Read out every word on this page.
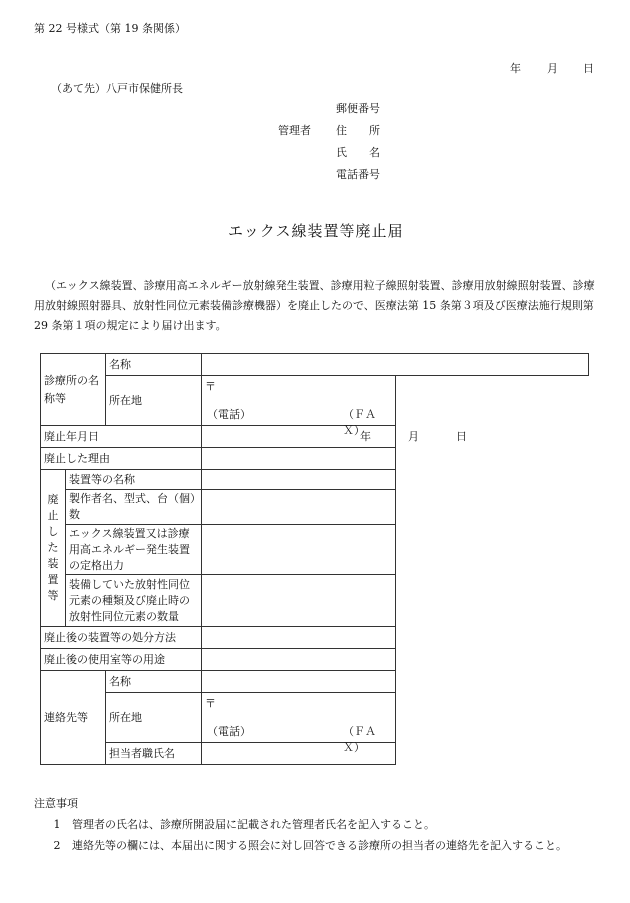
第 22 号様式（第 19 条関係）
年 月 日
（あて先）八戸市保健所長
郵便番号
管理者 住　　所
氏　　名
電話番号
エックス線装置等廃止届
（エックス線装置、診療用高エネルギー放射線発生装置、診療用粒子線照射装置、診療用放射線照射装置、診療用放射線照射器具、放射性同位元素装備診療機器）を廃止したので、医療法第 15 条第３項及び医療法施行規則第 29 条第１項の規定により届け出ます。
診療所の名称等		名称	
		所在地	〒
（電話） （ＦＡＸ）

廃止年月日			年 月 日

廃止した理由			
廃止した装置等	装置等の名称		
	製作者名、型式、台（個）数		
	エックス線装置又は診療用高エネルギー発生装置の定格出力		
	装備していた放射性同位元素の種類及び廃止時の放射性同位元素の数量		
廃止後の装置等の処分方法			
廃止後の使用室等の用途			
連絡先等		名称	
		所在地	〒
（電話） （ＦＡＸ）

		担当者職氏名	
注意事項
1 管理者の氏名は、診療所開設届に記載された管理者氏名を記入すること。
2 連絡先等の欄には、本届出に関する照会に対し回答できる診療所の担当者の連絡先を記入すること。
